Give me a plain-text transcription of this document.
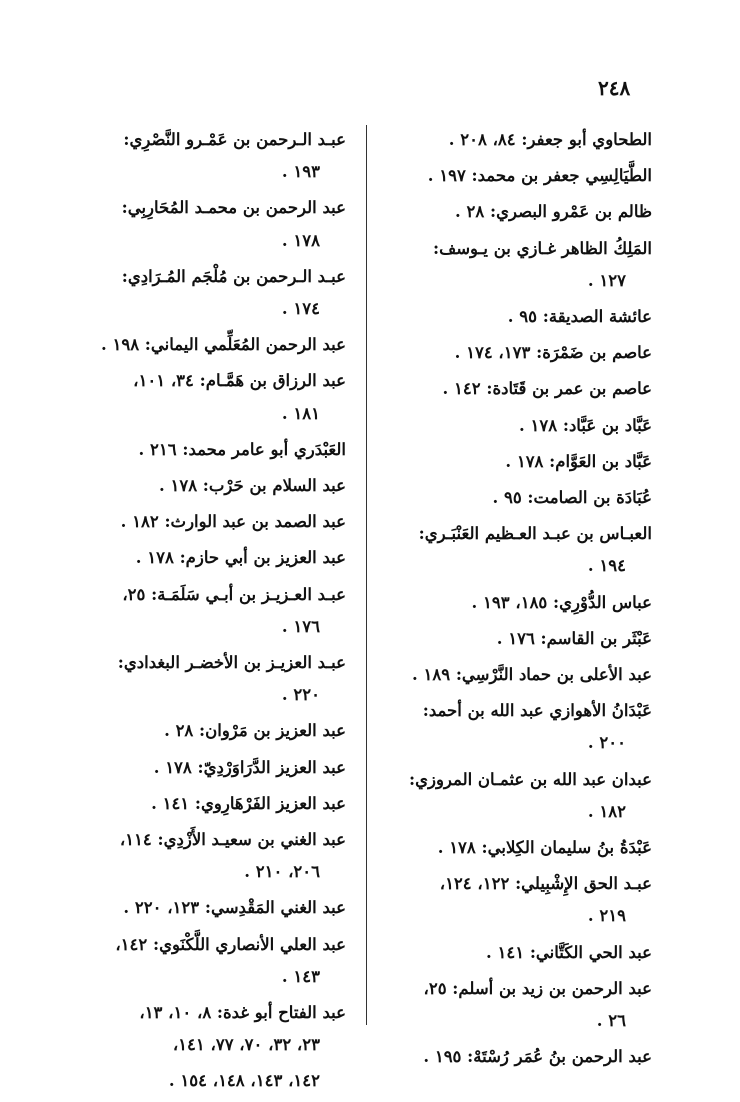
٢٤٨
الطحاوي أبو جعفر: ٨٤، ٢٠٨ .
الطَّيَالِسِي جعفر بن محمد: ١٩٧ .
ظالم بن عَمْرو البصري: ٢٨ .
المَلِكُ الظاهر غـازي بن يـوسف:
١٢٧ .
عائشة الصديقة: ٩٥ .
عاصم بن ضَمْرَة: ١٧٣، ١٧٤ .
عاصم بن عمر بن قَتَادة: ١٤٢ .
عَبَّاد بن عَبَّاد: ١٧٨ .
عَبَّاد بن العَوَّام: ١٧٨ .
عُبَادَة بن الصامت: ٩٥ .
العبـاس بن عبـد العـظيم العَنْبَـري:
١٩٤ .
عباس الدُّوْرِي: ١٨٥، ١٩٣ .
عَبْثَر بن القاسم: ١٧٦ .
عبد الأعلى بن حماد النَّرْسِي: ١٨٩ .
عَبْدَانُ الأهوازي عبد الله بن أحمد:
٢٠٠ .
عبدان عبد الله بن عثمـان المروزي:
١٨٢ .
عَبْدَةُ بنُ سليمان الكِلابي: ١٧٨ .
عبـد الحق الإِشْبِيلي: ١٢٢، ١٢٤،
٢١٩ .
عبد الحي الكَتَّاني: ١٤١ .
عبد الرحمن بن زيد بن أسلم: ٢٥،
٢٦ .
عبد الرحمن بنُ عُمَر رُسْتَهْ: ١٩٥ .
عبـد الـرحمن بن عَمْـرو النَّصْرِي:
١٩٣ .
عبد الرحمن بن محمـد المُحَارِبِي:
١٧٨ .
عبـد الـرحمن بن مُلْجَم المُـرَادِي:
١٧٤ .
عبد الرحمن المُعَلِّمي اليماني: ١٩٨ .
عبد الرزاق بن هَمَّـام: ٣٤، ١٠١،
١٨١ .
العَبْدَري أبو عامر محمد: ٢١٦ .
عبد السلام بن حَرْب: ١٧٨ .
عبد الصمد بن عبد الوارث: ١٨٢ .
عبد العزيز بن أبي حازم: ١٧٨ .
عبـد العـزيـز بن أبـي سَلَمَـة: ٢٥،
١٧٦ .
عبـد العزيـز بن الأخضـر البغدادي:
٢٢٠ .
عبد العزيز بن مَرْوان: ٢٨ .
عبد العزيز الدَّرَاوَرْدِيّ: ١٧٨ .
عبد العزيز الفَرْهَارِوي: ١٤١ .
عبد الغني بن سعيـد الأَزْدِي: ١١٤،
٢٠٦، ٢١٠ .
عبد الغني المَقْدِسي: ١٢٣، ٢٢٠ .
عبد العلي الأنصاري اللَّكْنَوي: ١٤٢،
١٤٣ .
عبد الفتاح أبو غدة: ٨، ١٠، ١٣،
٢٣، ٣٢، ٧٠، ٧٧، ١٤١،
١٤٢، ١٤٣، ١٤٨، ١٥٤ .
